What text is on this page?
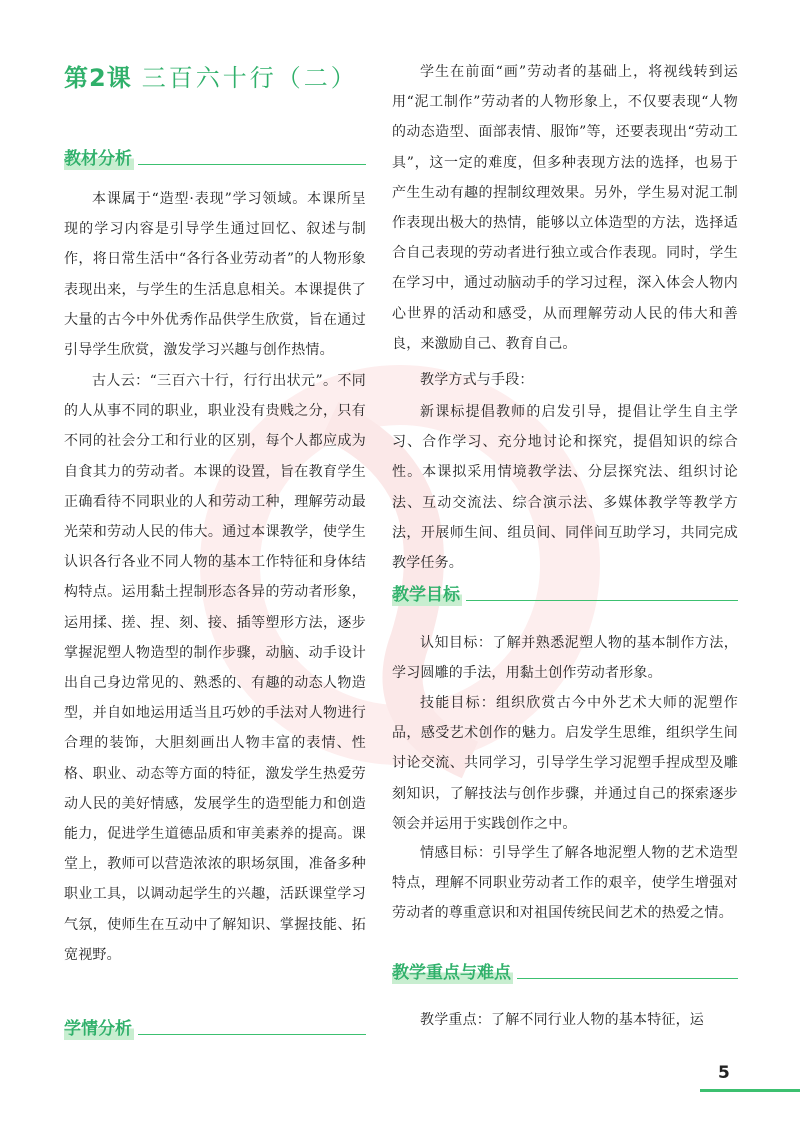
第2课 三百六十行（二）
教材分析

本课属于“造型·表现”学习领域。本课所呈现的学习内容是引导学生通过回忆、叙述与制作，将日常生活中“各行各业劳动者”的人物形象表现出来，与学生的生活息息相关。本课提供了大量的古今中外优秀作品供学生欣赏，旨在通过引导学生欣赏，激发学习兴趣与创作热情。

古人云：“三百六十行，行行出状元”。不同的人从事不同的职业，职业没有贵贱之分，只有不同的社会分工和行业的区别，每个人都应成为自食其力的劳动者。本课的设置，旨在教育学生正确看待不同职业的人和劳动工种，理解劳动最光荣和劳动人民的伟大。通过本课教学，使学生认识各行各业不同人物的基本工作特征和身体结构特点。运用黏土捏制形态各异的劳动者形象，运用揉、搓、捏、刻、接、插等塑形方法，逐步掌握泥塑人物造型的制作步骤，动脑、动手设计出自己身边常见的、熟悉的、有趣的动态人物造型，并自如地运用适当且巧妙的手法对人物进行合理的装饰，大胆刻画出人物丰富的表情、性格、职业、动态等方面的特征，激发学生热爱劳动人民的美好情感，发展学生的造型能力和创造能力，促进学生道德品质和审美素养的提高。课堂上，教师可以营造浓浓的职场氛围，准备多种职业工具，以调动起学生的兴趣，活跃课堂学习气氛，使师生在互动中了解知识、掌握技能、拓宽视野。

学情分析

学生在前面“画”劳动者的基础上，将视线转到运用“泥工制作”劳动者的人物形象上，不仅要表现“人物的动态造型、面部表情、服饰”等，还要表现出“劳动工具”，这一定的难度，但多种表现方法的选择，也易于产生生动有趣的捏制纹理效果。另外，学生易对泥工制作表现出极大的热情，能够以立体造型的方法，选择适合自己表现的劳动者进行独立或合作表现。同时，学生在学习中，通过动脑动手的学习过程，深入体会人物内心世界的活动和感受，从而理解劳动人民的伟大和善良，来激励自己、教育自己。

教学方式与手段：

新课标提倡教师的启发引导，提倡让学生自主学习、合作学习、充分地讨论和探究，提倡知识的综合性。本课拟采用情境教学法、分层探究法、组织讨论法、互动交流法、综合演示法、多媒体教学等教学方法，开展师生间、组员间、同伴间互助学习，共同完成教学任务。

教学目标

认知目标：了解并熟悉泥塑人物的基本制作方法，学习圆雕的手法，用黏土创作劳动者形象。

技能目标：组织欣赏古今中外艺术大师的泥塑作品，感受艺术创作的魅力。启发学生思维，组织学生间讨论交流、共同学习，引导学生学习泥塑手捏成型及雕刻知识，了解技法与创作步骤，并通过自己的探索逐步领会并运用于实践创作之中。

情感目标：引导学生了解各地泥塑人物的艺术造型特点，理解不同职业劳动者工作的艰辛，使学生增强对劳动者的尊重意识和对祖国传统民间艺术的热爱之情。

教学重点与难点

教学重点：了解不同行业人物的基本特征，运

5
